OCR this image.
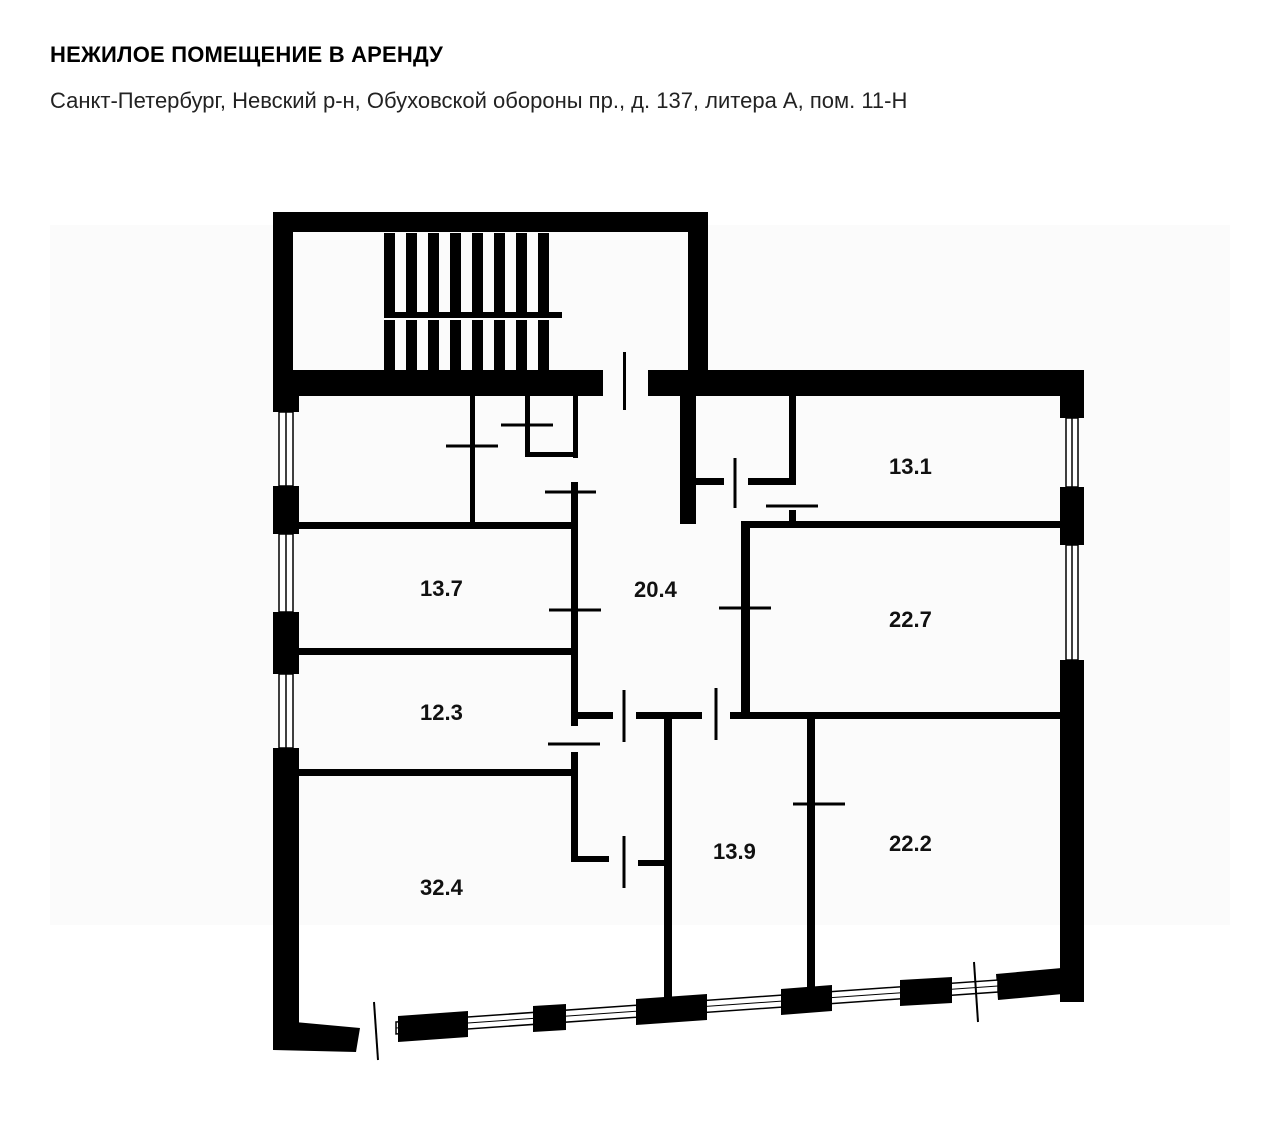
НЕЖИЛОЕ ПОМЕЩЕНИЕ В АРЕНДУ
Санкт-Петербург, Невский р-н, Обуховской обороны пр., д. 137, литера А, пом. 11-Н
20.4
13.1
13.7
22.7
12.3
32.4
13.9	22.2
